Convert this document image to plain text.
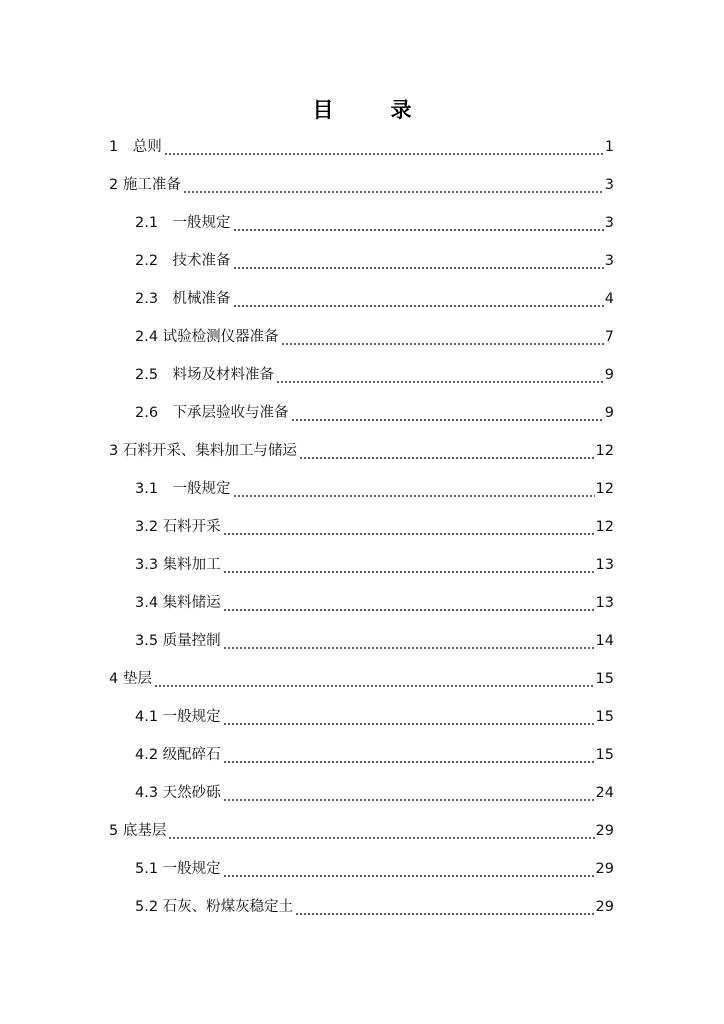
目　录
1　总则	1
2 施工准备	3
2.1　一般规定	3
2.2　技术准备	3
2.3　机械准备	4
2.4 试验检测仪器准备	7
2.5　料场及材料准备	9
2.6　下承层验收与准备	9
3 石料开采、集料加工与储运	12
3.1　一般规定	12
3.2 石料开采	12
3.3 集料加工	13
3.4 集料储运	13
3.5 质量控制	14
4 垫层	15
4.1 一般规定	15
4.2 级配碎石	15
4.3 天然砂砾	24
5 底基层	29
5.1 一般规定	29
5.2 石灰、粉煤灰稳定土	29
